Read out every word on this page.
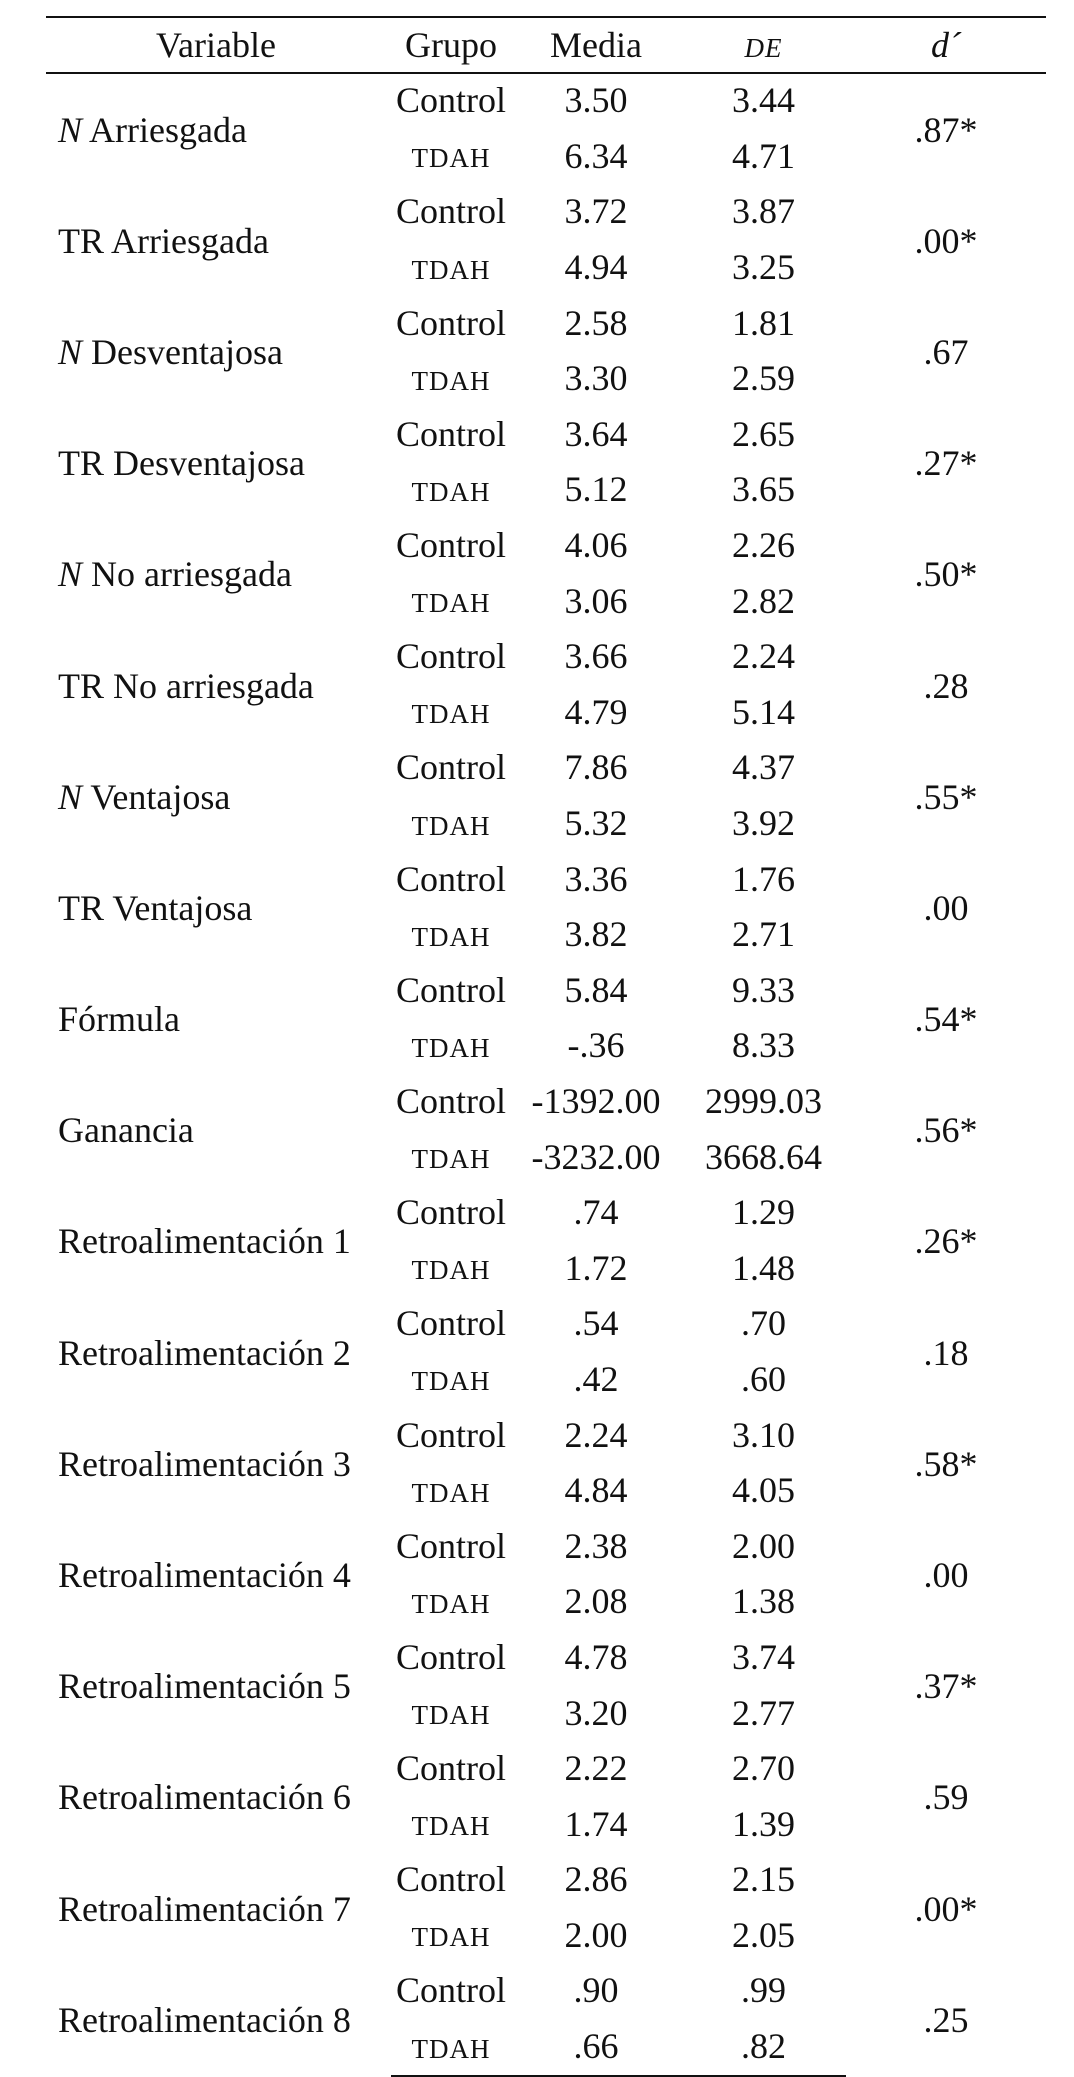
Variable	Grupo	Media	DE	d´
N Arriesgada	Control	3.50	3.44	.87*
	TDAH	6.34	4.71	
TR Arriesgada	Control	3.72	3.87	.00*
	TDAH	4.94	3.25	
N Desventajosa	Control	2.58	1.81	.67
	TDAH	3.30	2.59	
TR Desventajosa	Control	3.64	2.65	.27*
	TDAH	5.12	3.65	
N No arriesgada	Control	4.06	2.26	.50*
	TDAH	3.06	2.82	
TR No arriesgada	Control	3.66	2.24	.28
	TDAH	4.79	5.14	
N Ventajosa	Control	7.86	4.37	.55*
	TDAH	5.32	3.92	
TR Ventajosa	Control	3.36	1.76	.00
	TDAH	3.82	2.71	
Fórmula	Control	5.84	9.33	.54*
	TDAH	-.36	8.33	
Ganancia	Control	-1392.00	2999.03	.56*
	TDAH	-3232.00	3668.64	
Retroalimentación 1	Control	.74	1.29	.26*
	TDAH	1.72	1.48	
Retroalimentación 2	Control	.54	.70	.18
	TDAH	.42	.60	
Retroalimentación 3	Control	2.24	3.10	.58*
	TDAH	4.84	4.05	
Retroalimentación 4	Control	2.38	2.00	.00
	TDAH	2.08	1.38	
Retroalimentación 5	Control	4.78	3.74	.37*
	TDAH	3.20	2.77	
Retroalimentación 6	Control	2.22	2.70	.59
	TDAH	1.74	1.39	
Retroalimentación 7	Control	2.86	2.15	.00*
	TDAH	2.00	2.05	
Retroalimentación 8	Control	.90	.99	.25
	TDAH	.66	.82	
